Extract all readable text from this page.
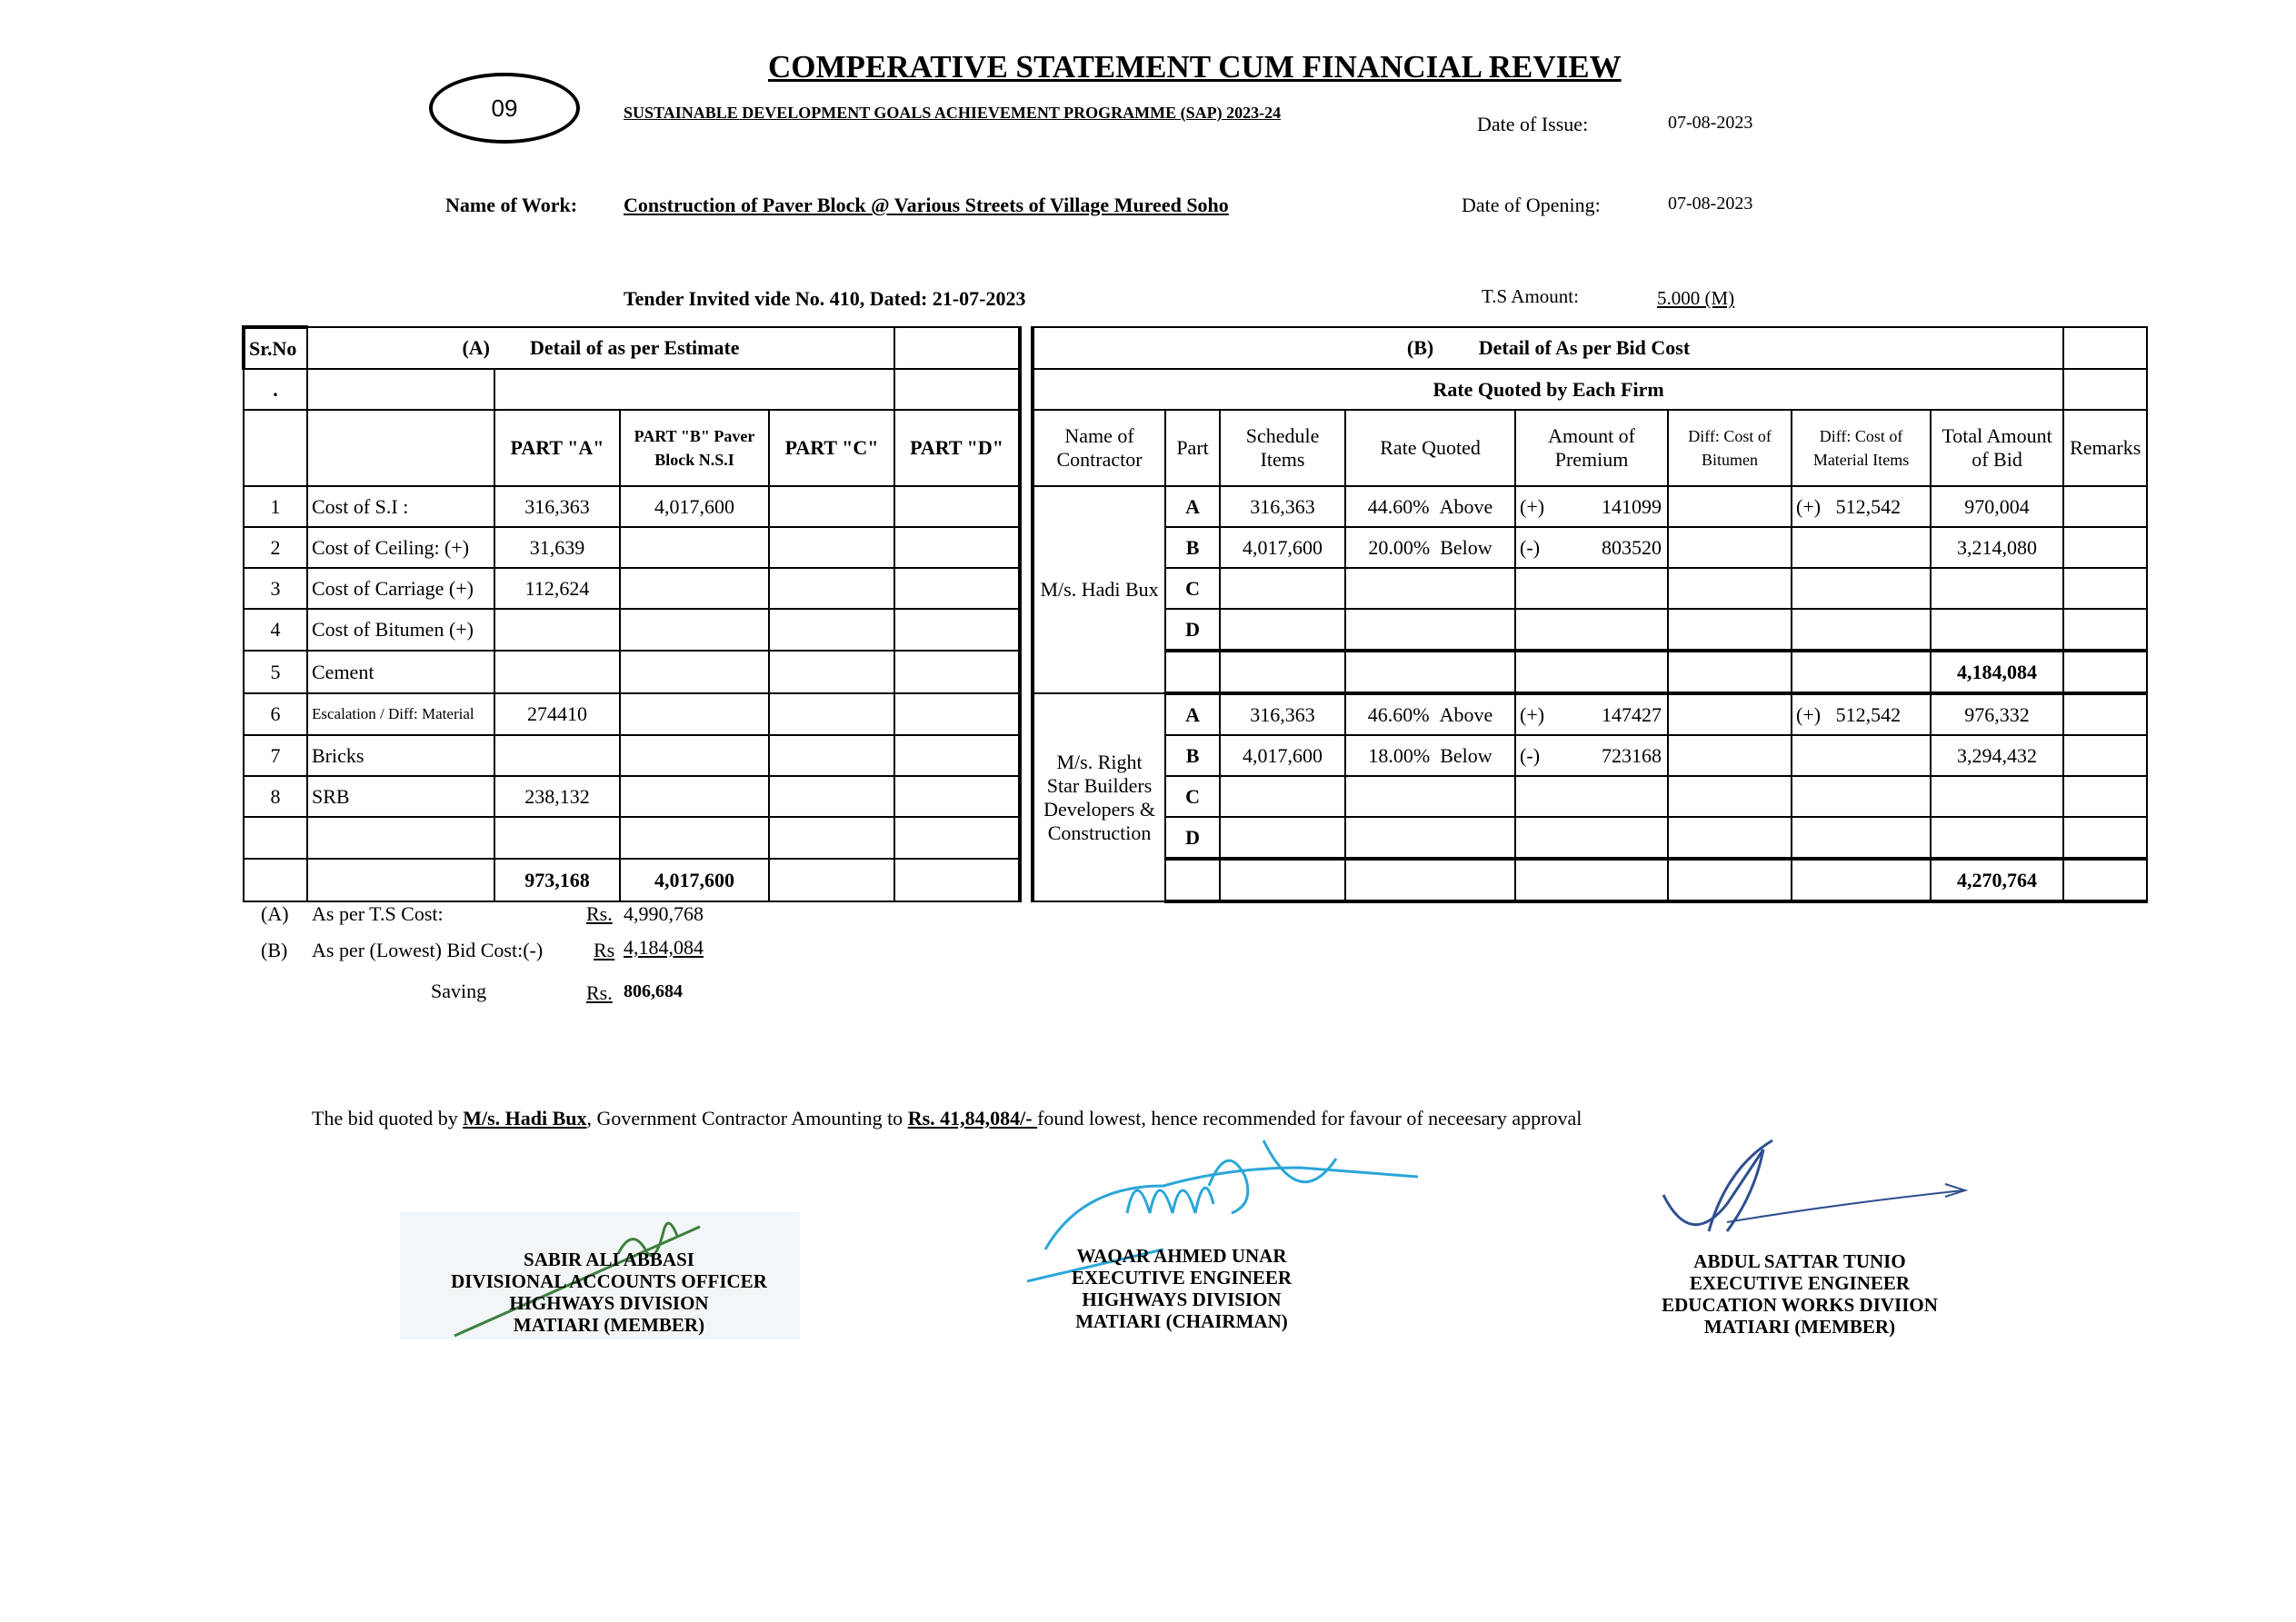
09
COMPERATIVE STATEMENT CUM FINANCIAL REVIEW
SUSTAINABLE DEVELOPMENT GOALS ACHIEVEMENT PROGRAMME (SAP) 2023-24	Date of Issue:	07-08-2023
Name of Work: Construction of Paver Block @ Various Streets of Village Mureed Soho	Date of Opening:	07-08-2023
Tender Invited vide No. 410, Dated: 21-07-2023	T.S Amount:	5.000 (M)
Sr.No	(A) Detail of as per Estimate						(B) Detail of As per Bid Cost								
.							Rate Quoted by Each Firm								
		PART "A"	PART "B" Paver Block N.S.I	PART "C"	PART "D"		Name of Contractor	Part	Schedule Items	Rate Quoted	Amount of Premium	Diff: Cost of Bitumen	Diff: Cost of Material Items	Total Amount of Bid	Remarks
1	Cost of S.I :	316,363	4,017,600				M/s. Hadi Bux	A	316,363	44.60% Above	(+) 141099		(+) 512,542	970,004	
2	Cost of Ceiling: (+)	31,639						B	4,017,600	20.00% Below	(-) 803520			3,214,080	
3	Cost of Carriage (+)	112,624						C			

4	Cost of Bitumen (+)							D			

5	Cement													4,184,084	
6	Escalation / Diff: Material	274410					M/s. Right Star Builders Developers & Construction	A	316,363	46.60% Above	(+) 147427		(+) 512,542	976,332	
7	Bricks							B	4,017,600	18.00% Below	(-) 723168			3,294,432	
8	SRB	238,132						C			

								D			

		973,168	4,017,600											4,270,764	
(A) As per T.S Cost:	Rs. 4,990,768
(B) As per (Lowest) Bid Cost:(-)	Rs 4,184,084
Saving	Rs. 806,684
The bid quoted by M/s. Hadi Bux, Government Contractor Amounting to Rs. 41,84,084/- found lowest, hence recommended for favour of neceesary approval
SABIR ALI ABBASI
DIVISIONAL ACCOUNTS OFFICER
HIGHWAYS DIVISION
MATIARI (MEMBER)
WAQAR AHMED UNAR
EXECUTIVE ENGINEER
HIGHWAYS DIVISION
MATIARI (CHAIRMAN)
ABDUL SATTAR TUNIO
EXECUTIVE ENGINEER
EDUCATION WORKS DIVIION
MATIARI (MEMBER)
